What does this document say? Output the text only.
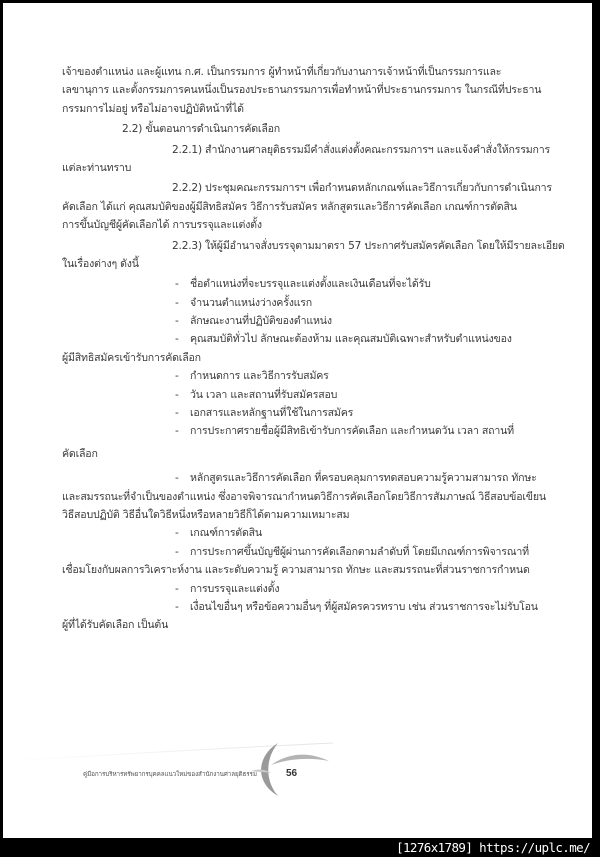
เจ้าของตำแหน่ง และผู้แทน ก.ศ. เป็นกรรมการ ผู้ทำหน้าที่เกี่ยวกับงานการเจ้าหน้าที่เป็นกรรมการและ
เลขานุการ และตั้งกรรมการคนหนึ่งเป็นรองประธานกรรมการเพื่อทำหน้าที่ประธานกรรมการ ในกรณีที่ประธาน
กรรมการไม่อยู่ หรือไม่อาจปฏิบัติหน้าที่ได้
2.2) ขั้นตอนการดำเนินการคัดเลือก
2.2.1) สำนักงานศาลยุติธรรมมีคำสั่งแต่งตั้งคณะกรรมการฯ และแจ้งคำสั่งให้กรรมการ
แต่ละท่านทราบ
2.2.2) ประชุมคณะกรรมการฯ เพื่อกำหนดหลักเกณฑ์และวิธีการเกี่ยวกับการดำเนินการ
คัดเลือก ได้แก่ คุณสมบัติของผู้มีสิทธิสมัคร วิธีการรับสมัคร หลักสูตรและวิธีการคัดเลือก เกณฑ์การตัดสิน
การขึ้นบัญชีผู้คัดเลือกได้ การบรรจุและแต่งตั้ง
2.2.3) ให้ผู้มีอำนาจสั่งบรรจุตามมาตรา 57 ประกาศรับสมัครคัดเลือก โดยให้มีรายละเอียด
ในเรื่องต่างๆ ดังนี้
- ชื่อตำแหน่งที่จะบรรจุและแต่งตั้งและเงินเดือนที่จะได้รับ
- จำนวนตำแหน่งว่างครั้งแรก
- ลักษณะงานที่ปฏิบัติของตำแหน่ง
- คุณสมบัติทั่วไป ลักษณะต้องห้าม และคุณสมบัติเฉพาะสำหรับตำแหน่งของ
ผู้มีสิทธิสมัครเข้ารับการคัดเลือก
- กำหนดการ และวิธีการรับสมัคร
- วัน เวลา และสถานที่รับสมัครสอบ
- เอกสารและหลักฐานที่ใช้ในการสมัคร
- การประกาศรายชื่อผู้มีสิทธิเข้ารับการคัดเลือก และกำหนดวัน เวลา สถานที่
คัดเลือก
- หลักสูตรและวิธีการคัดเลือก ที่ครอบคลุมการทดสอบความรู้ความสามารถ ทักษะ
และสมรรถนะที่จำเป็นของตำแหน่ง ซึ่งอาจพิจารณากำหนดวิธีการคัดเลือกโดยวิธีการสัมภาษณ์ วิธีสอบข้อเขียน
วิธีสอบปฏิบัติ วิธีอื่นใดวิธีหนึ่งหรือหลายวิธีก็ได้ตามความเหมาะสม
- เกณฑ์การตัดสิน
- การประกาศขึ้นบัญชีผู้ผ่านการคัดเลือกตามลำดับที่ โดยมีเกณฑ์การพิจารณาที่
เชื่อมโยงกับผลการวิเคราะห์งาน และระดับความรู้ ความสามารถ ทักษะ และสมรรถนะที่ส่วนราชการกำหนด
- การบรรจุและแต่งตั้ง
- เงื่อนไขอื่นๆ หรือข้อความอื่นๆ ที่ผู้สมัครควรทราบ เช่น ส่วนราชการจะไม่รับโอน
ผู้ที่ได้รับคัดเลือก เป็นต้น
คู่มือการบริหารทรัพยากรบุคคลแนวใหม่ของสำนักงานศาลยุติธรรม	56
[1276x1789] https://uplc.me/
